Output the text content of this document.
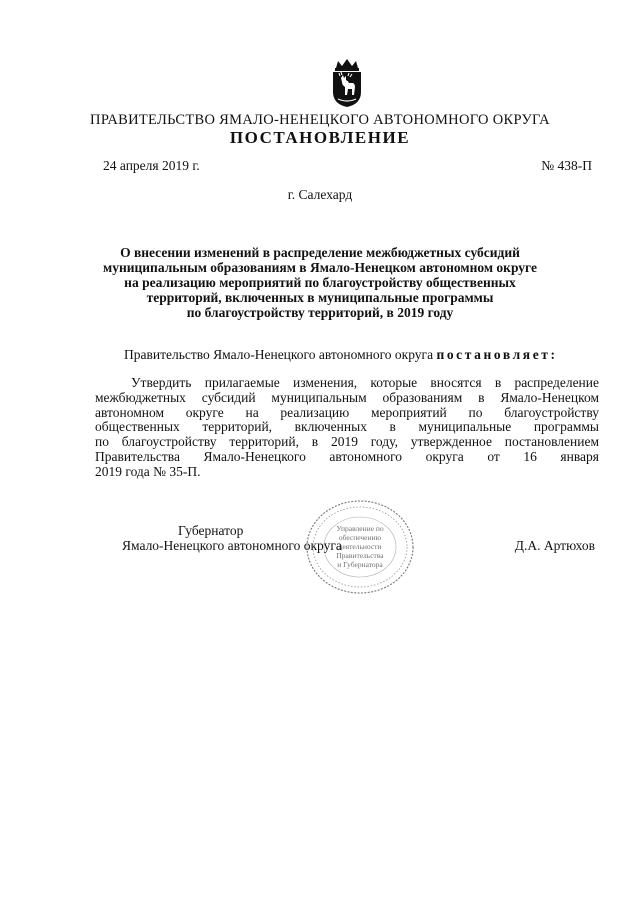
ПРАВИТЕЛЬСТВО ЯМАЛО-НЕНЕЦКОГО АВТОНОМНОГО ОКРУГА
ПОСТАНОВЛЕНИЕ
24 апреля 2019 г.	№ 438-П
г. Салехард
О внесении изменений в распределение межбюджетных субсидий
муниципальным образованиям в Ямало-Ненецком автономном округе
на реализацию мероприятий по благоустройству общественных
территорий, включенных в муниципальные программы
по благоустройству территорий, в 2019 году
Правительство Ямало-Ненецкого автономного округа постановляет:
Утвердить прилагаемые изменения, которые вносятся в распределение
межбюджетных субсидий муниципальным образованиям в Ямало-Ненецком
автономном округе на реализацию мероприятий по благоустройству
общественных территорий, включенных в муниципальные программы
по благоустройству территорий, в 2019 году, утвержденное постановлением
Правительства Ямало-Ненецкого автономного округа от 16 января
2019 года № 35-П.
Губернатор
Ямало-Ненецкого автономного округа	Д.А. Артюхов
Управление по
обеспечению
деятельности
Правительства
и Губернатора
